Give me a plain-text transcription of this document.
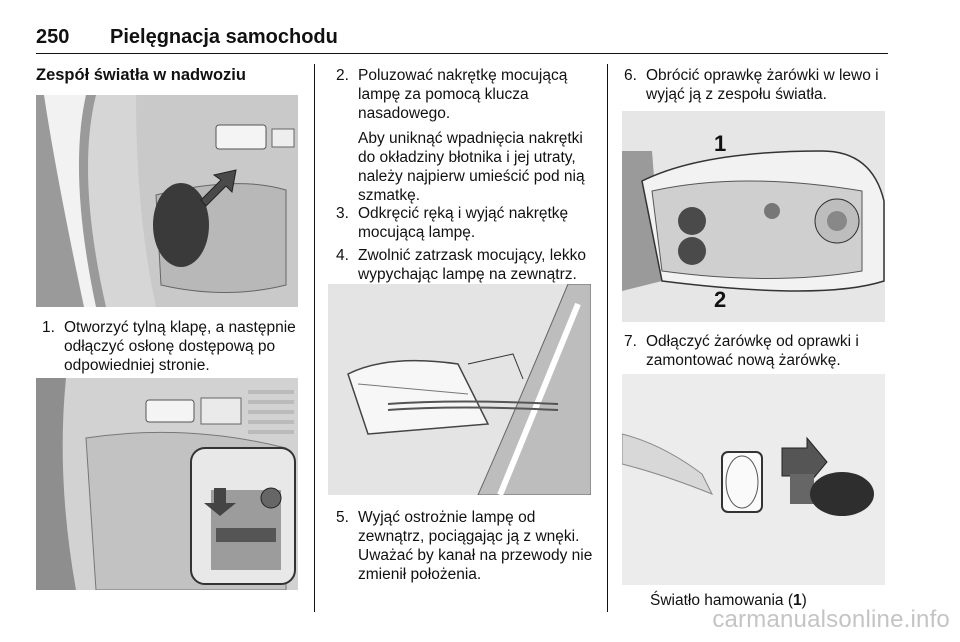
250 Pielęgnacja samochodu
Zespół światła w nadwoziu
1. Otworzyć tylną klapę, a następnie odłączyć osłonę dostępową po odpowiedniej stronie.
2. Poluzować nakrętkę mocującą lampę za pomocą klucza nasadowego.
Aby uniknąć wpadnięcia nakrętki do okładziny błotnika i jej utraty, należy najpierw umieścić pod nią szmatkę.
3. Odkręcić ręką i wyjąć nakrętkę mocującą lampę.
4. Zwolnić zatrzask mocujący, lekko wypychając lampę na zewnątrz.
5. Wyjąć ostrożnie lampę od zewnątrz, pociągając ją z wnęki. Uważać by kanał na przewody nie zmienił położenia.
6. Obrócić oprawkę żarówki w lewo i wyjąć ją z zespołu światła.
1
2
7. Odłączyć żarówkę od oprawki i zamontować nową żarówkę.
Światło hamowania (1)
carmanualsonline.info
